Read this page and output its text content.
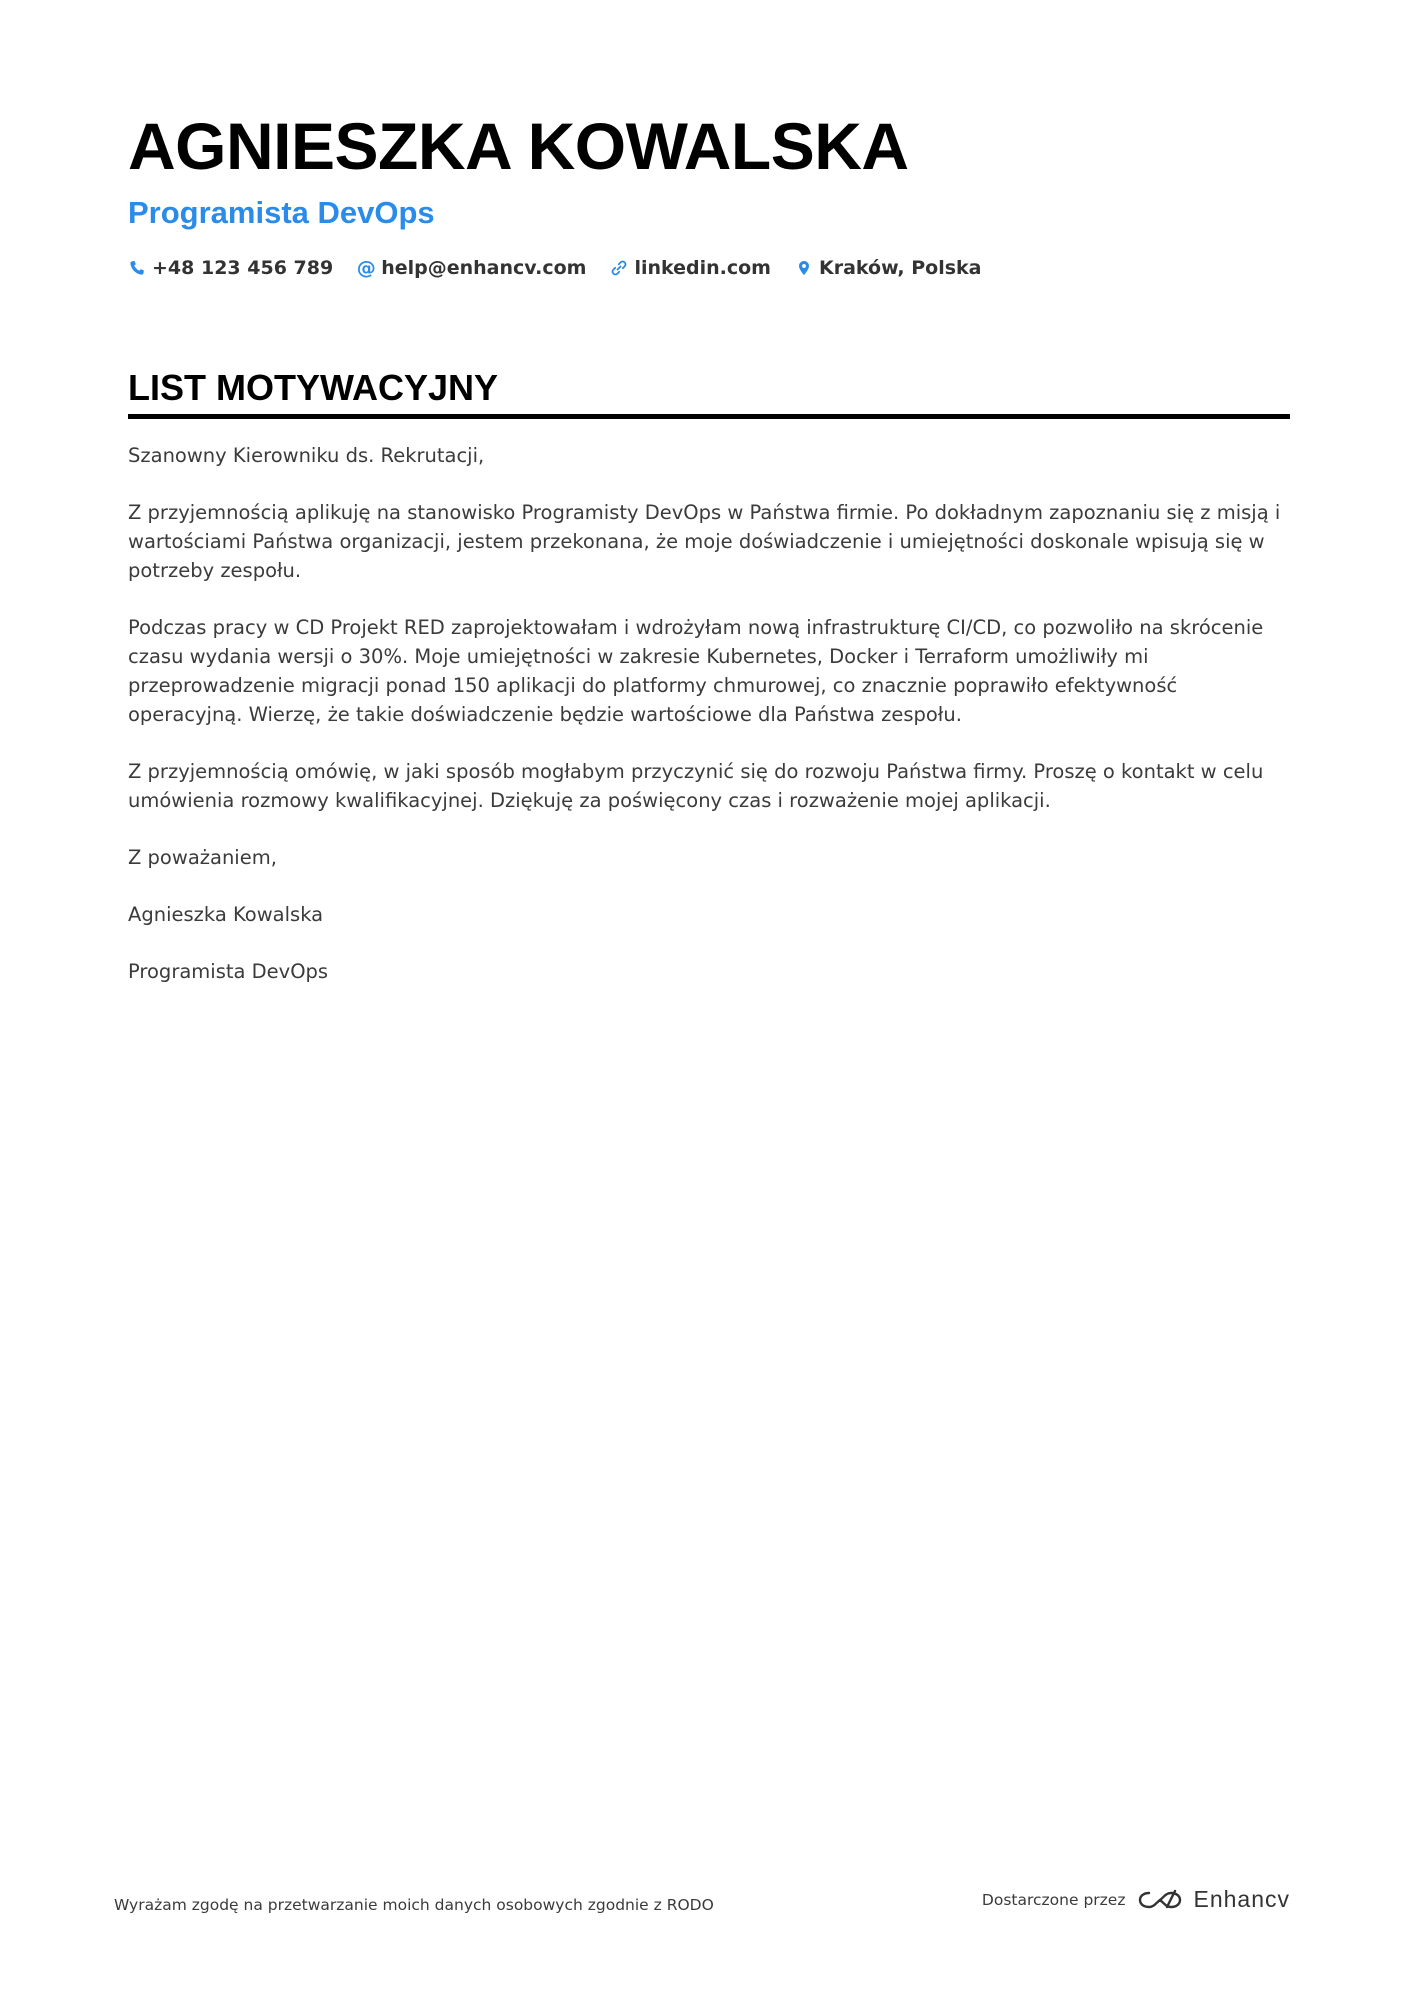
AGNIESZKA KOWALSKA
Programista DevOps
+48 123 456 789 @ help@enhancv.com	linkedin.com	Kraków, Polska
LIST MOTYWACYJNY

Szanowny Kierowniku ds. Rekrutacji,

Z przyjemnością aplikuję na stanowisko Programisty DevOps w Państwa firmie. Po dokładnym zapoznaniu się z misją i wartościami Państwa organizacji, jestem przekonana, że moje doświadczenie i umiejętności doskonale wpisują się w potrzeby zespołu.

Podczas pracy w CD Projekt RED zaprojektowałam i wdrożyłam nową infrastrukturę CI/CD, co pozwoliło na skrócenie czasu wydania wersji o 30%. Moje umiejętności w zakresie Kubernetes, Docker i Terraform umożliwiły mi przeprowadzenie migracji ponad 150 aplikacji do platformy chmurowej, co znacznie poprawiło efektywność operacyjną. Wierzę, że takie doświadczenie będzie wartościowe dla Państwa zespołu.

Z przyjemnością omówię, w jaki sposób mogłabym przyczynić się do rozwoju Państwa firmy. Proszę o kontakt w celu umówienia rozmowy kwalifikacyjnej. Dziękuję za poświęcony czas i rozważenie mojej aplikacji.

Z poważaniem,

Agnieszka Kowalska

Programista DevOps

Wyrażam zgodę na przetwarzanie moich danych osobowych zgodnie z RODO	Dostarczone przez	Enhancv
